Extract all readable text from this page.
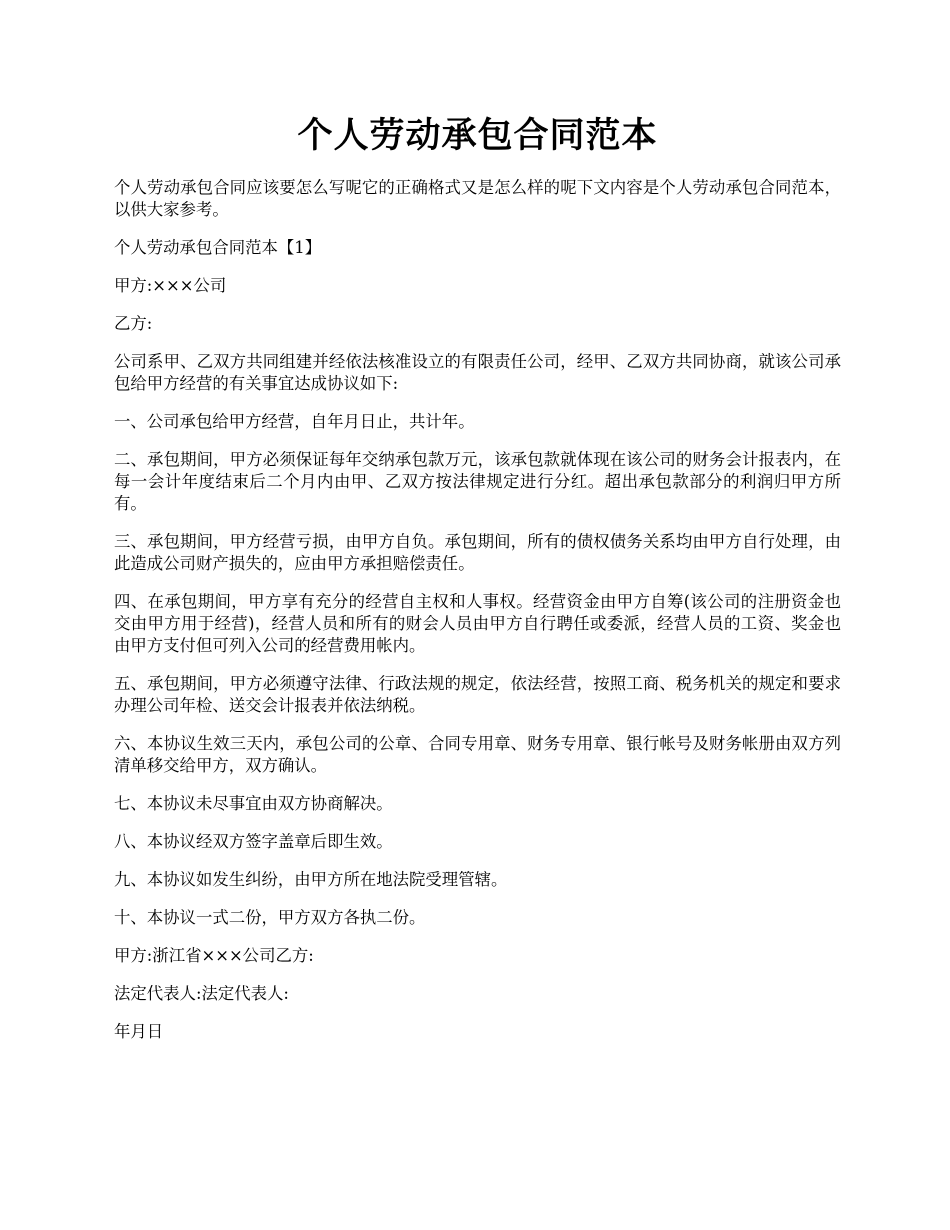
个人劳动承包合同范本

个人劳动承包合同应该要怎么写呢它的正确格式又是怎么样的呢下文内容是个人劳动承包合同范本，以供大家参考。

个人劳动承包合同范本【1】

甲方:×××公司

乙方:

公司系甲、乙双方共同组建并经依法核准设立的有限责任公司，经甲、乙双方共同协商，就该公司承包给甲方经营的有关事宜达成协议如下:

一、公司承包给甲方经营，自年月日止，共计年。

二、承包期间，甲方必须保证每年交纳承包款万元，该承包款就体现在该公司的财务会计报表内，在每一会计年度结束后二个月内由甲、乙双方按法律规定进行分红。超出承包款部分的利润归甲方所有。

三、承包期间，甲方经营亏损，由甲方自负。承包期间，所有的债权债务关系均由甲方自行处理，由此造成公司财产损失的，应由甲方承担赔偿责任。

四、在承包期间，甲方享有充分的经营自主权和人事权。经营资金由甲方自筹(该公司的注册资金也交由甲方用于经营)，经营人员和所有的财会人员由甲方自行聘任或委派，经营人员的工资、奖金也由甲方支付但可列入公司的经营费用帐内。

五、承包期间，甲方必须遵守法律、行政法规的规定，依法经营，按照工商、税务机关的规定和要求办理公司年检、送交会计报表并依法纳税。

六、本协议生效三天内，承包公司的公章、合同专用章、财务专用章、银行帐号及财务帐册由双方列清单移交给甲方，双方确认。

七、本协议未尽事宜由双方协商解决。

八、本协议经双方签字盖章后即生效。

九、本协议如发生纠纷，由甲方所在地法院受理管辖。

十、本协议一式二份，甲方双方各执二份。

甲方:浙江省×××公司乙方:

法定代表人:法定代表人:

年月日
